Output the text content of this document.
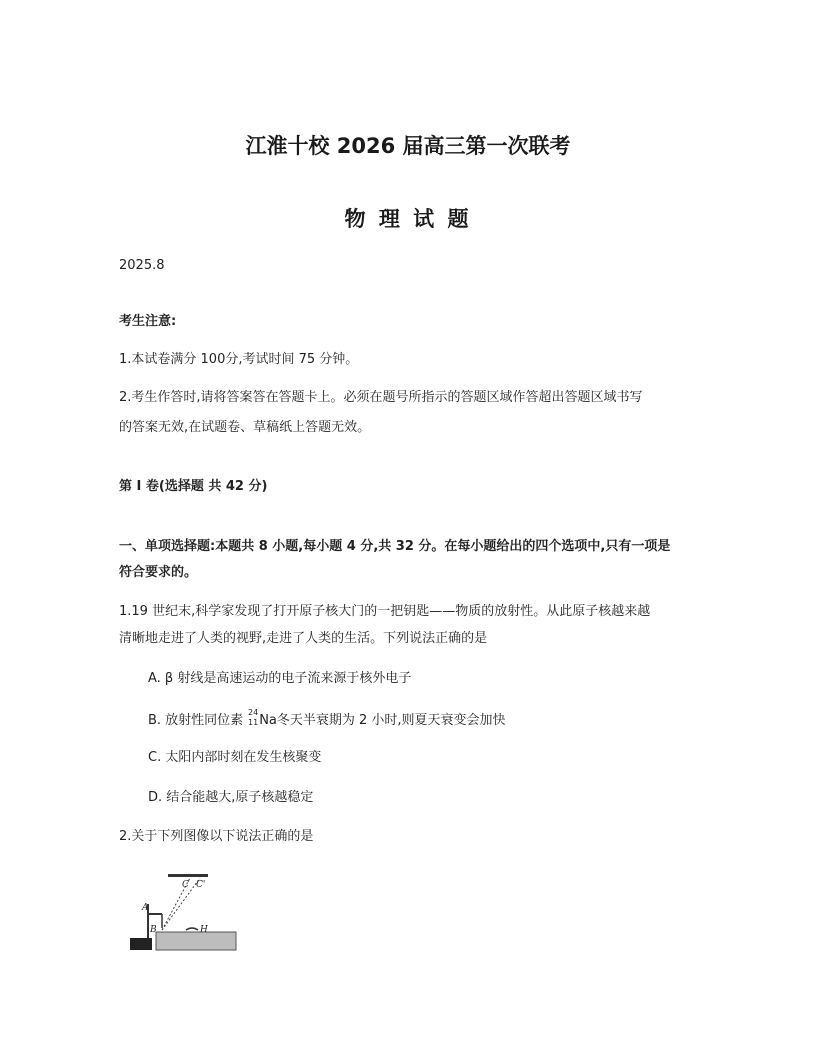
江淮十校 2026 届高三第一次联考
物 理 试 题
2025.8
考生注意:
1.本试卷满分 100分,考试时间 75 分钟。
2.考生作答时,请将答案答在答题卡上。必须在题号所指示的答题区域作答超出答题区域书写
的答案无效,在试题卷、草稿纸上答题无效。
第 I 卷(选择题 共 42 分)
一、单项选择题:本题共 8 小题,每小题 4 分,共 32 分。在每小题给出的四个选项中,只有一项是
符合要求的。
1.19 世纪末,科学家发现了打开原子核大门的一把钥匙——物质的放射性。从此原子核越来越
清晰地走进了人类的视野,走进了人类的生活。下列说法正确的是
A. β 射线是高速运动的电子流来源于核外电子
B. 放射性同位素
24
11 Na冬天半衰期为 2 小时,则夏天衰变会加快
C. 太阳内部时刻在发生核聚变
D. 结合能越大,原子核越稳定
2.关于下列图像以下说法正确的是
C C'
A
B	H
